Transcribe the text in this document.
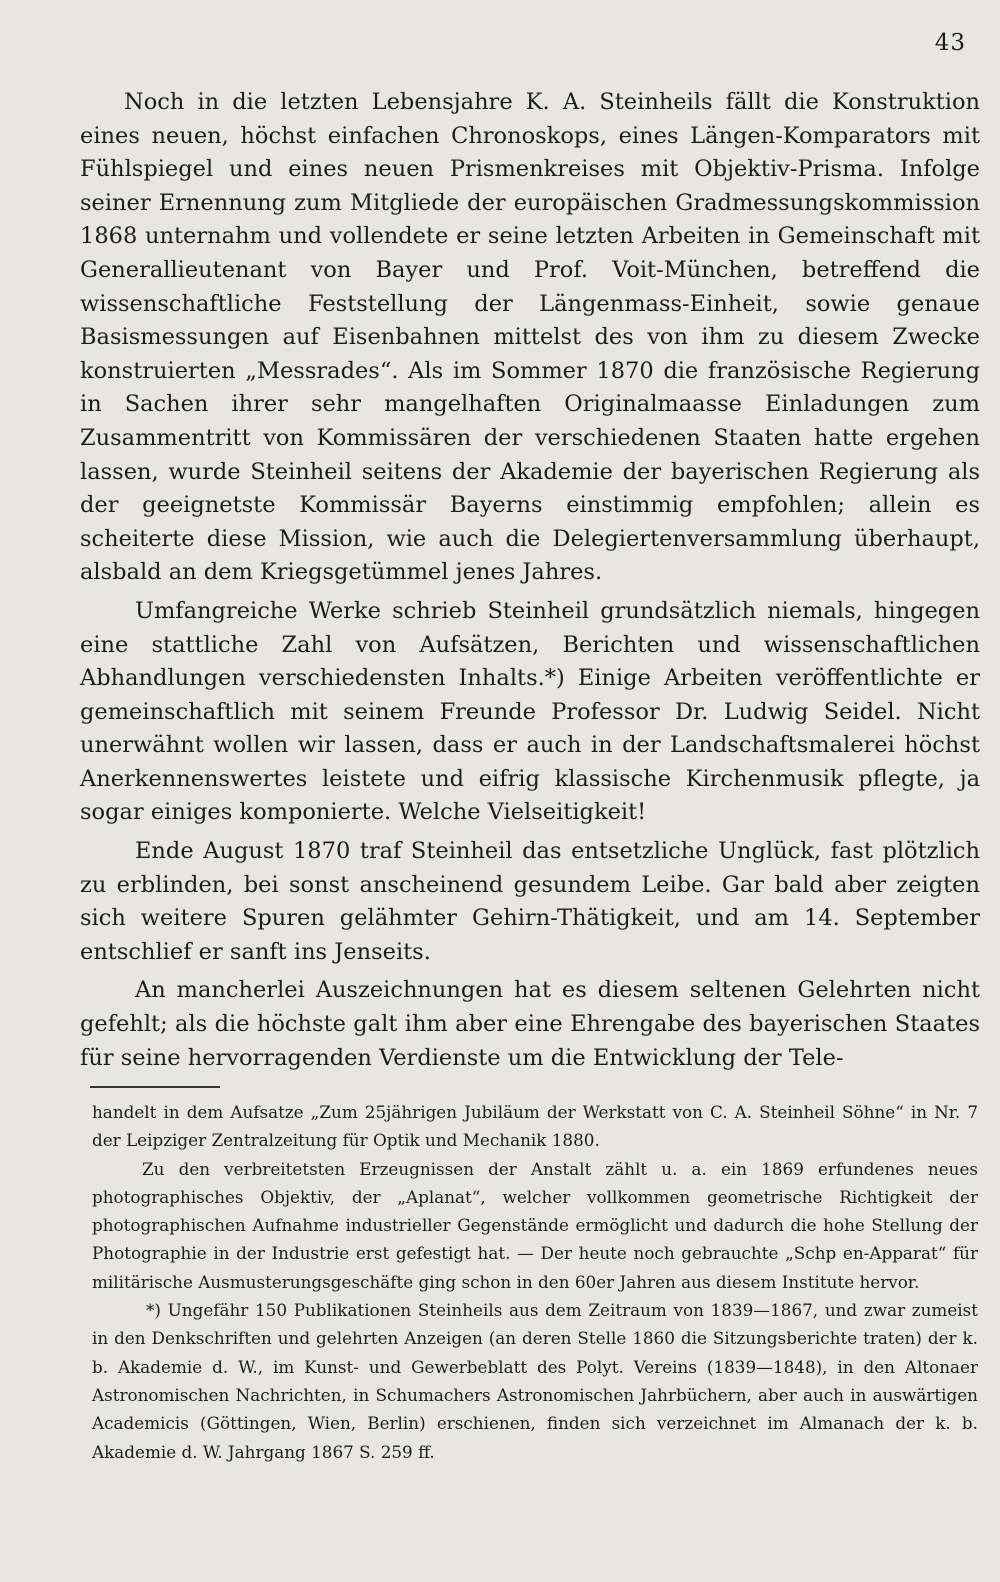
43

Noch in die letzten Lebensjahre K. A. Steinheils fällt die Konstruktion eines neuen, höchst einfachen Chronoskops, eines Längen-Komparators mit Fühlspiegel und eines neuen Prismenkreises mit Objektiv-Prisma. Infolge seiner Ernennung zum Mitgliede der europäischen Gradmessungskommission 1868 unternahm und vollendete er seine letzten Arbeiten in Gemeinschaft mit Generallieutenant von Bayer und Prof. Voit-München, betreffend die wissenschaftliche Feststellung der Längenmass-Einheit, sowie genaue Basismessungen auf Eisenbahnen mittelst des von ihm zu diesem Zwecke konstruierten „Messrades“. Als im Sommer 1870 die französische Regierung in Sachen ihrer sehr mangelhaften Originalmaasse Einladungen zum Zusammentritt von Kommissären der verschiedenen Staaten hatte ergehen lassen, wurde Steinheil seitens der Akademie der bayerischen Regierung als der geeignetste Kommissär Bayerns einstimmig empfohlen; allein es scheiterte diese Mission, wie auch die Delegiertenversammlung überhaupt, alsbald an dem Kriegsgetümmel jenes Jahres.

Umfangreiche Werke schrieb Steinheil grundsätzlich niemals, hingegen eine stattliche Zahl von Aufsätzen, Berichten und wissenschaftlichen Abhandlungen verschiedensten Inhalts.*) Einige Arbeiten veröffentlichte er gemeinschaftlich mit seinem Freunde Professor Dr. Ludwig Seidel. Nicht unerwähnt wollen wir lassen, dass er auch in der Landschaftsmalerei höchst Anerkennenswertes leistete und eifrig klassische Kirchenmusik pflegte, ja sogar einiges komponierte. Welche Vielseitigkeit!

Ende August 1870 traf Steinheil das entsetzliche Unglück, fast plötzlich zu erblinden, bei sonst anscheinend gesundem Leibe. Gar bald aber zeigten sich weitere Spuren gelähmter Gehirn-Thätigkeit, und am 14. September entschlief er sanft ins Jenseits.

An mancherlei Auszeichnungen hat es diesem seltenen Gelehrten nicht gefehlt; als die höchste galt ihm aber eine Ehrengabe des bayerischen Staates für seine hervorragenden Verdienste um die Entwicklung der Tele-

handelt in dem Aufsatze „Zum 25jährigen Jubiläum der Werkstatt von C. A. Steinheil Söhne“ in Nr. 7 der Leipziger Zentralzeitung für Optik und Mechanik 1880.

Zu den verbreitetsten Erzeugnissen der Anstalt zählt u. a. ein 1869 erfundenes neues photographisches Objektiv, der „Aplanat“, welcher vollkommen geometrische Richtigkeit der photographischen Aufnahme industrieller Gegenstände ermöglicht und dadurch die hohe Stellung der Photographie in der Industrie erst gefestigt hat. — Der heute noch gebrauchte „Schp en-Apparat“ für militärische Ausmusterungsgeschäfte ging schon in den 60er Jahren aus diesem Institute hervor.

*) Ungefähr 150 Publikationen Steinheils aus dem Zeitraum von 1839—1867, und zwar zumeist in den Denkschriften und gelehrten Anzeigen (an deren Stelle 1860 die Sitzungsberichte traten) der k. b. Akademie d. W., im Kunst- und Gewerbeblatt des Polyt. Vereins (1839—1848), in den Altonaer Astronomischen Nachrichten, in Schumachers Astronomischen Jahrbüchern, aber auch in auswärtigen Academicis (Göttingen, Wien, Berlin) erschienen, finden sich verzeichnet im Almanach der k. b. Akademie d. W. Jahrgang 1867 S. 259 ff.
